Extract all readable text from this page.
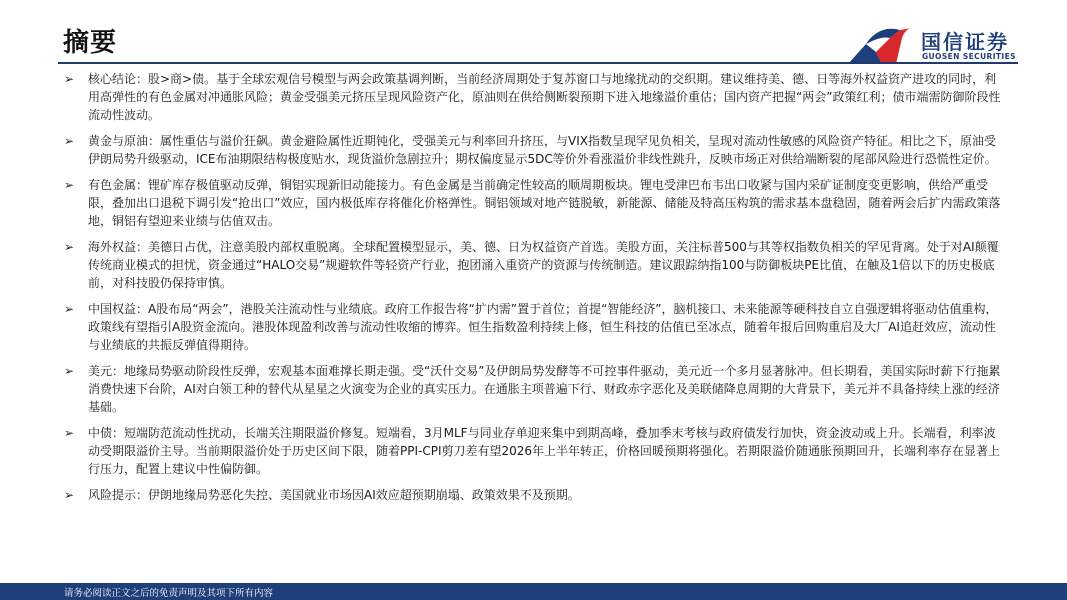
摘要	国信证券
GUOSEN SECURITIES
➢ 核心结论：股>商>债。基于全球宏观信号模型与两会政策基调判断，当前经济周期处于复苏窗口与地缘扰动的交织期。建议维持美、德、日等海外权益资产进攻的同时，利用高弹性的有色金属对冲通胀风险；黄金受强美元挤压呈现风险资产化，原油则在供给侧断裂预期下进入地缘溢价重估；国内资产把握“两会”政策红利；债市端需防御阶段性流动性波动。
➢ 黄金与原油：属性重估与溢价狂飙。黄金避险属性近期钝化，受强美元与利率回升挤压，与VIX指数呈现罕见负相关，呈现对流动性敏感的风险资产特征。相比之下，原油受伊朗局势升级驱动，ICE布油期限结构极度贴水，现货溢价急剧拉升；期权偏度显示5DC等价外看涨溢价非线性跳升，反映市场正对供给端断裂的尾部风险进行恐慌性定价。
➢ 有色金属：锂矿库存极值驱动反弹，铜铝实现新旧动能接力。有色金属是当前确定性较高的顺周期板块。锂电受津巴布韦出口收紧与国内采矿证制度变更影响，供给严重受限，叠加出口退税下调引发“抢出口”效应，国内极低库存将催化价格弹性。铜铝领域对地产链脱敏，新能源、储能及特高压构筑的需求基本盘稳固，随着两会后扩内需政策落地，铜铝有望迎来业绩与估值双击。
➢ 海外权益：美德日占优，注意美股内部权重脱离。全球配置模型显示，美、德、日为权益资产首选。美股方面，关注标普500与其等权指数负相关的罕见背离。处于对AI颠覆传统商业模式的担忧，资金通过“HALO交易”规避软件等轻资产行业，抱团涌入重资产的资源与传统制造。建议跟踪纳指100与防御板块PE比值，在触及1倍以下的历史极底前，对科技股仍保持审慎。
➢ 中国权益：A股布局“两会”，港股关注流动性与业绩底。政府工作报告将“扩内需”置于首位；首提“智能经济”，脑机接口、未来能源等硬科技自立自强逻辑将驱动估值重构，政策线有望指引A股资金流向。港股体现盈利改善与流动性收缩的博弈。恒生指数盈利持续上修，恒生科技的估值已至冰点，随着年报后回购重启及大厂AI追赶效应，流动性与业绩底的共振反弹值得期待。
➢ 美元：地缘局势驱动阶段性反弹，宏观基本面难撑长期走强。受“沃什交易”及伊朗局势发酵等不可控事件驱动，美元近一个多月显著脉冲。但长期看，美国实际时薪下行拖累消费快速下台阶，AI对白领工种的替代从星星之火演变为企业的真实压力。在通胀主项普遍下行、财政赤字恶化及美联储降息周期的大背景下，美元并不具备持续上涨的经济基础。
➢ 中债：短端防范流动性扰动，长端关注期限溢价修复。短端看，3月MLF与同业存单迎来集中到期高峰，叠加季末考核与政府债发行加快，资金波动或上升。长端看，利率波动受期限溢价主导。当前期限溢价处于历史区间下限，随着PPI-CPI剪刀差有望2026年上半年转正，价格回暖预期将强化。若期限溢价随通胀预期回升，长端利率存在显著上行压力，配置上建议中性偏防御。
➢ 风险提示：伊朗地缘局势恶化失控、美国就业市场因AI效应超预期崩塌、政策效果不及预期。
请务必阅读正文之后的免责声明及其项下所有内容
